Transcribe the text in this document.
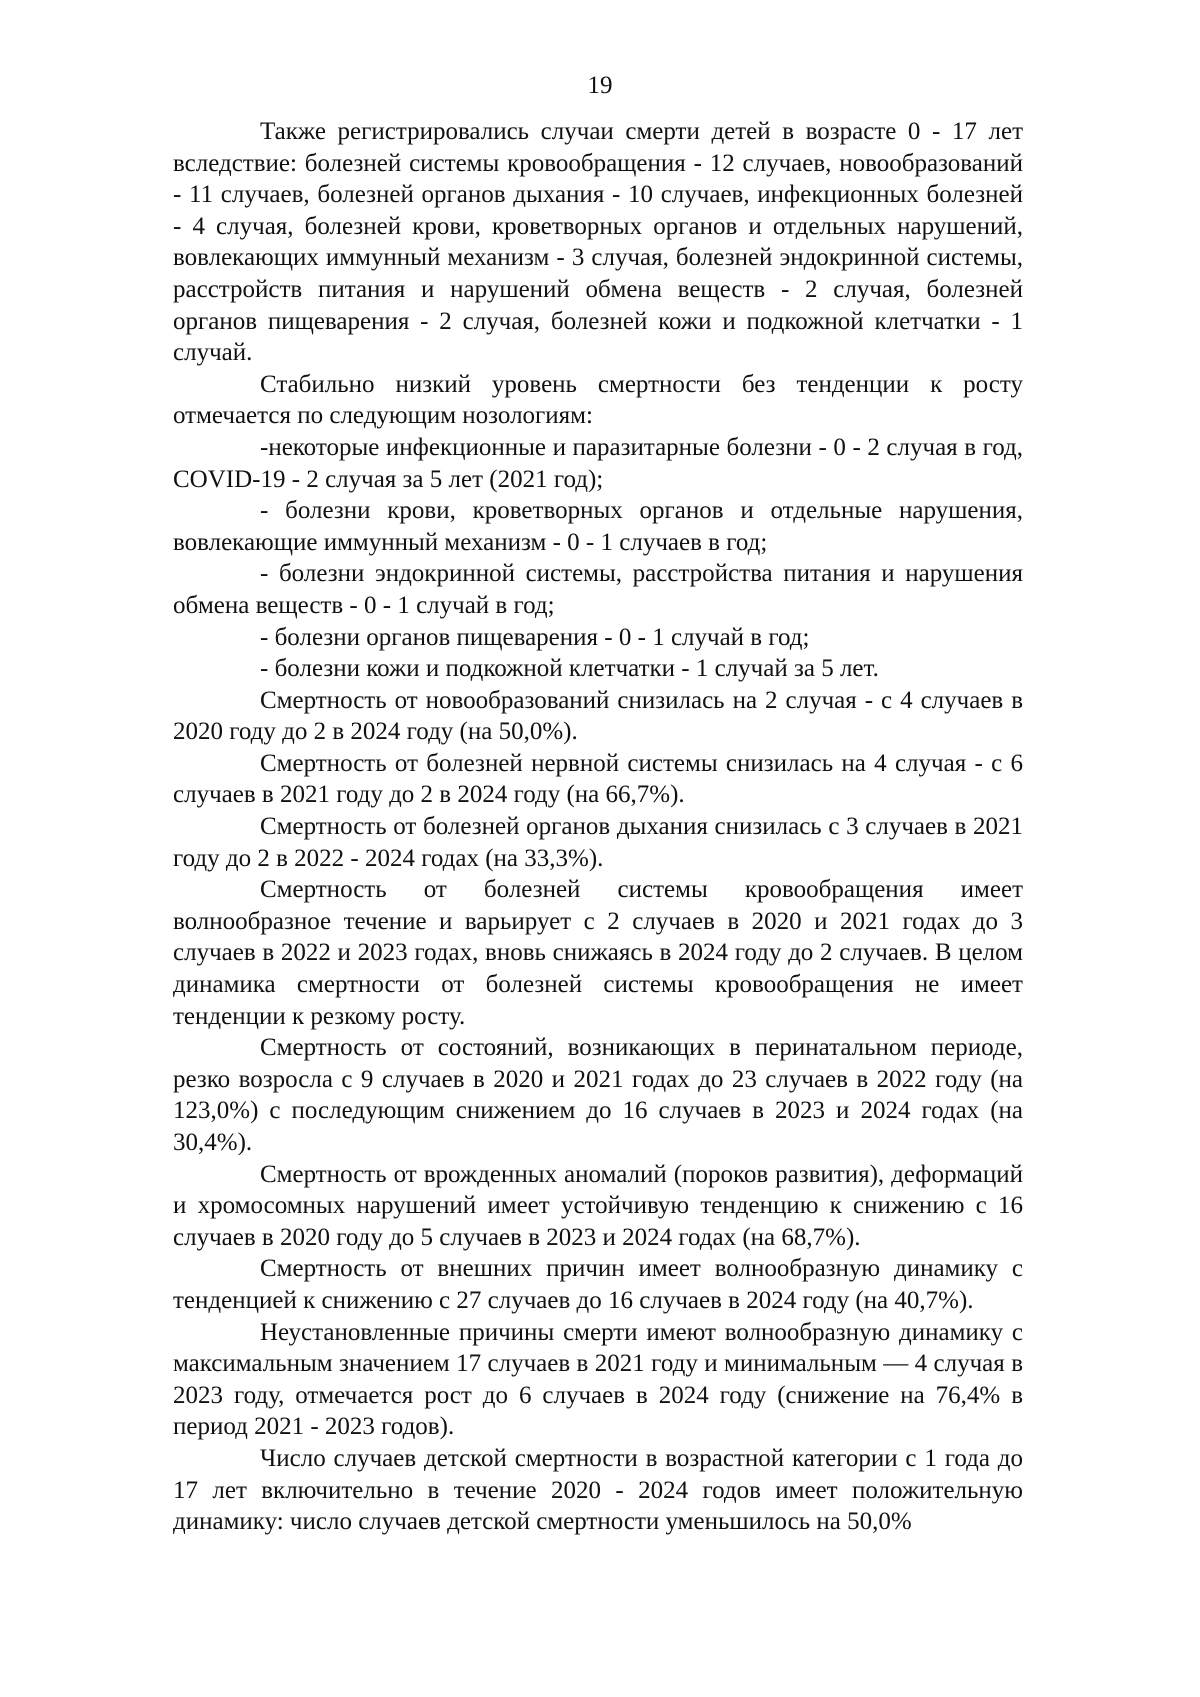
19

Также регистрировались случаи смерти детей в возрасте 0 - 17 лет вследствие: болезней системы кровообращения - 12 случаев, новообразований - 11 случаев, болезней органов дыхания - 10 случаев, инфекционных болезней - 4 случая, болезней крови, кроветворных органов и отдельных нарушений, вовлекающих иммунный механизм - 3 случая, болезней эндокринной системы, расстройств питания и нарушений обмена веществ - 2 случая, болезней органов пищеварения - 2 случая, болезней кожи и подкожной клетчатки - 1 случай.

Стабильно низкий уровень смертности без тенденции к росту отмечается по следующим нозологиям:

-некоторые инфекционные и паразитарные болезни - 0 - 2 случая в год, COVID-19 - 2 случая за 5 лет (2021 год);

- болезни крови, кроветворных органов и отдельные нарушения, вовлекающие иммунный механизм - 0 - 1 случаев в год;

- болезни эндокринной системы, расстройства питания и нарушения обмена веществ - 0 - 1 случай в год;

- болезни органов пищеварения - 0 - 1 случай в год;

- болезни кожи и подкожной клетчатки - 1 случай за 5 лет.

Смертность от новообразований снизилась на 2 случая - с 4 случаев в 2020 году до 2 в 2024 году (на 50,0%).

Смертность от болезней нервной системы снизилась на 4 случая - с 6 случаев в 2021 году до 2 в 2024 году (на 66,7%).

Смертность от болезней органов дыхания снизилась с 3 случаев в 2021 году до 2 в 2022 - 2024 годах (на 33,3%).

Смертность от болезней системы кровообращения имеет волнообразное течение и варьирует с 2 случаев в 2020 и 2021 годах до 3 случаев в 2022 и 2023 годах, вновь снижаясь в 2024 году до 2 случаев. В целом динамика смертности от болезней системы кровообращения не имеет тенденции к резкому росту.

Смертность от состояний, возникающих в перинатальном периоде, резко возросла с 9 случаев в 2020 и 2021 годах до 23 случаев в 2022 году (на 123,0%) с последующим снижением до 16 случаев в 2023 и 2024 годах (на 30,4%).

Смертность от врожденных аномалий (пороков развития), деформаций и хромосомных нарушений имеет устойчивую тенденцию к снижению с 16 случаев в 2020 году до 5 случаев в 2023 и 2024 годах (на 68,7%).

Смертность от внешних причин имеет волнообразную динамику с тенденцией к снижению с 27 случаев до 16 случаев в 2024 году (на 40,7%).

Неустановленные причины смерти имеют волнообразную динамику с максимальным значением 17 случаев в 2021 году и минимальным — 4 случая в 2023 году, отмечается рост до 6 случаев в 2024 году (снижение на 76,4% в период 2021 - 2023 годов).

Число случаев детской смертности в возрастной категории с 1 года до 17 лет включительно в течение 2020 - 2024 годов имеет положительную динамику: число случаев детской смертности уменьшилось на 50,0%
